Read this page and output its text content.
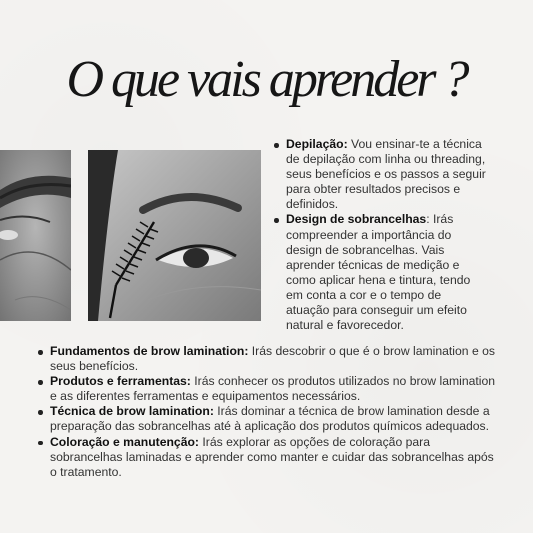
O que vais aprender ?
Depilação: Vou ensinar-te a técnica de depilação com linha ou threading, seus benefícios e os passos a seguir para obter resultados precisos e definidos.
Design de sobrancelhas: Irás compreender a importância do design de sobrancelhas. Vais aprender técnicas de medição e como aplicar hena e tintura, tendo em conta a cor e o tempo de atuação para conseguir um efeito natural e favorecedor.
Fundamentos de brow lamination: Irás descobrir o que é o brow lamination e os seus benefícios.
Produtos e ferramentas: Irás conhecer os produtos utilizados no brow lamination e as diferentes ferramentas e equipamentos necessários.
Técnica de brow lamination: Irás dominar a técnica de brow lamination desde a preparação das sobrancelhas até à aplicação dos produtos químicos adequados.
Coloração e manutenção: Irás explorar as opções de coloração para sobrancelhas laminadas e aprender como manter e cuidar das sobrancelhas após o tratamento.
